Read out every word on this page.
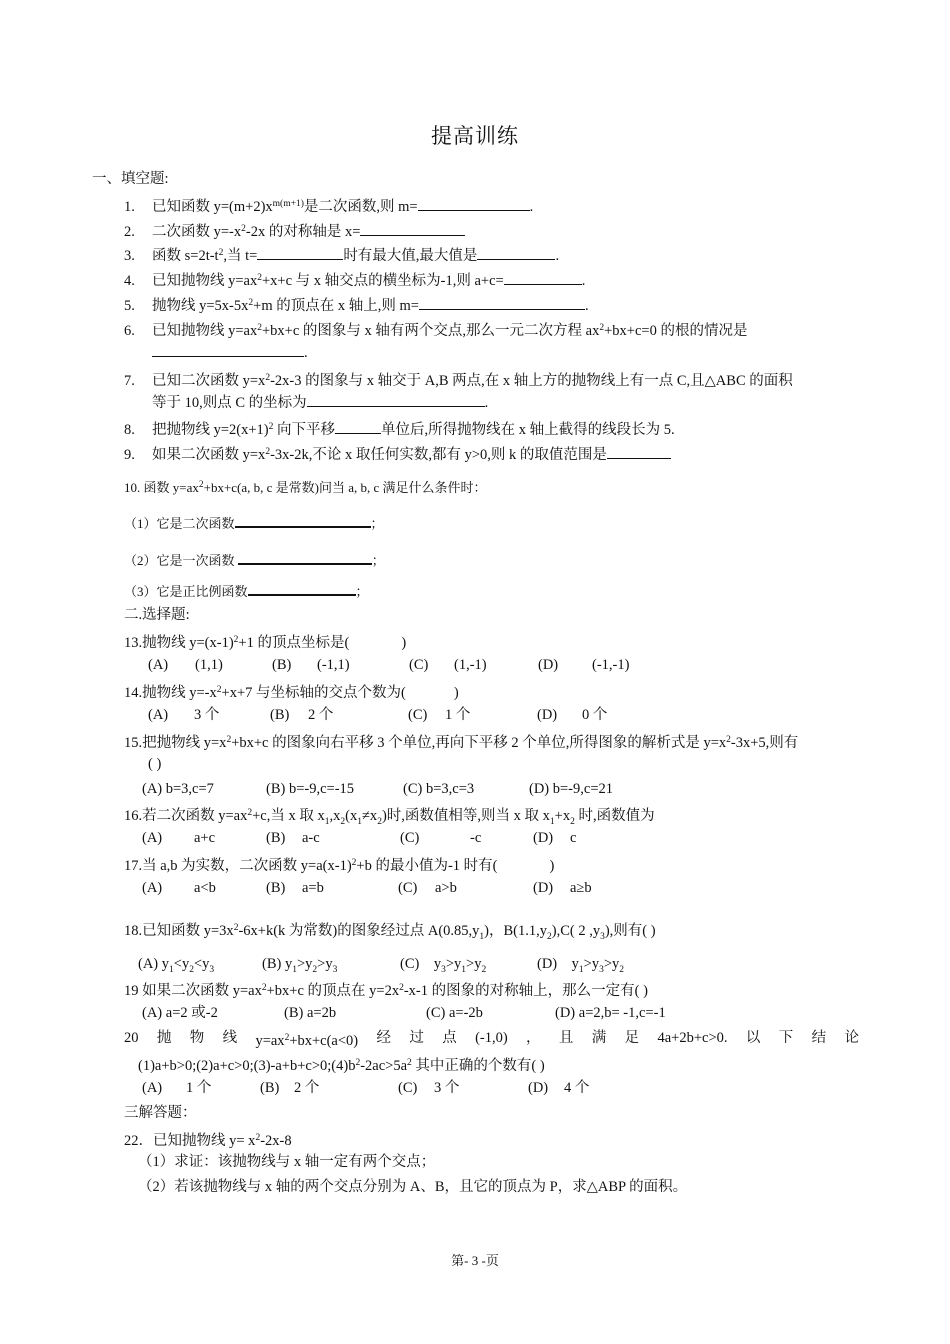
提高训练
一、填空题:
1. 已知函数 $y=(m+2)x^{m(m+1)}$是二次函数,则 m=	.
2. 二次函数 $y=-x^2-2x$ 的对称轴是 x=
3. 函数 $s=2t-t^2$,当 t=	时有最大值,最大值是	.
4. 已知抛物线 $y=ax^2+x+c$ 与 x 轴交点的横坐标为-1,则 a+c=	.
5. 抛物线 $y=5x-5x^2+m$ 的顶点在 x 轴上,则 m=	.
6. 已知抛物线 $y=ax^2+bx+c$ 的图象与 x 轴有两个交点,那么一元二次方程 $ax^2+bx+c=0$ 的根的情况是
.
7. 已知二次函数 $y=x^2-2x-3$ 的图象与 x 轴交于 A,B 两点,在 x 轴上方的抛物线上有一点 C,且△ABC 的面积
等于 10,则点 C 的坐标为	.
8. 把抛物线 $y=2(x+1)^2$ 向下平移	单位后,所得抛物线在 x 轴上截得的线段长为 5.
9. 如果二次函数 $y=x^2-3x-2k$,不论 x 取任何实数,都有 y>0,则 k 的取值范围是
10. 函数 $y=ax^2+bx+c(a$, b, c 是常数)问当 a, b, c 满足什么条件时：
（1）它是二次函数	；
（2）它是一次函数	；
（3）它是正比例函数	；
二.选择题:
13.抛物线 $y=(x-1)^2+1$ 的顶点坐标是(	)
(A) (1,1)	(B) (-1,1)	(C) (1,-1)	(D) (-1,-1)
14.抛物线 $y=-x^2+x+7$ 与坐标轴的交点个数为(	)
(A) 3 个	(B) 2 个	(C) 1 个	(D) 0 个
15.把抛物线 $y=x^2+bx+c$ 的图象向右平移 3 个单位,再向下平移 2 个单位,所得图象的解析式是 $y=x^2-3x+5$,则有
( )
(A) b=3,c=7	(B) b=-9,c=-15	(C) b=3,c=3	(D) b=-9,c=21
16.若二次函数 $y=ax^2+c$,当 x 取 $x_1,x_2(x_1\ne x_2)$时,函数值相等,则当 x 取 $x_1+x_2$ 时,函数值为
(A) a+c	(B) a-c	(C)	-c	(D) c
17.当 a,b 为实数，二次函数 $y=a(x-1)^2+b$ 的最小值为-1 时有(	)
(A) a<b	(B) a=b	(C) a>b	(D) a≥b
18.已知函数 $y=3x^2-6x+k(k$ 为常数)的图象经过点 $A(0.85,y_1)$，$B(1.1,y_2),C$( 2 $,y_3$),则有( )
(A) $y_1<y_2<y_3$	(B) $y_1>y_2>y_3$	(C)    $y_3>y_1>y_2$	(D)    $y_1>y_3>y_2$
19 如果二次函数 $y=ax^2+bx+c$ 的顶点在 $y=2x^2-x-1$ 的图象的对称轴上，那么一定有( )
(A) a=2 或-2	(B) a=2b	(C) a=-2b	(D) a=2,b= -1,c=-1
20 抛 物 线 $y=ax^2+bx+c(a<0)$ 经 过 点 (-1,0) ， 且 满 足 4a+2b+c>0. 以 下 结 论
$(1)a+b>0;(2)a+c>0;(3)-a+b+c>0;(4)b^2-2ac>5a^2$ 其中正确的个数有( )
(A) 1 个	(B) 2 个	(C) 3 个	(D) 4 个
三解答题：
22．已知抛物线 $y= x^2-2x-8$
（1）求证：该抛物线与 x 轴一定有两个交点；
（2）若该抛物线与 x 轴的两个交点分别为 A、B，且它的顶点为 P，求△ABP 的面积。
第- 3 -页
